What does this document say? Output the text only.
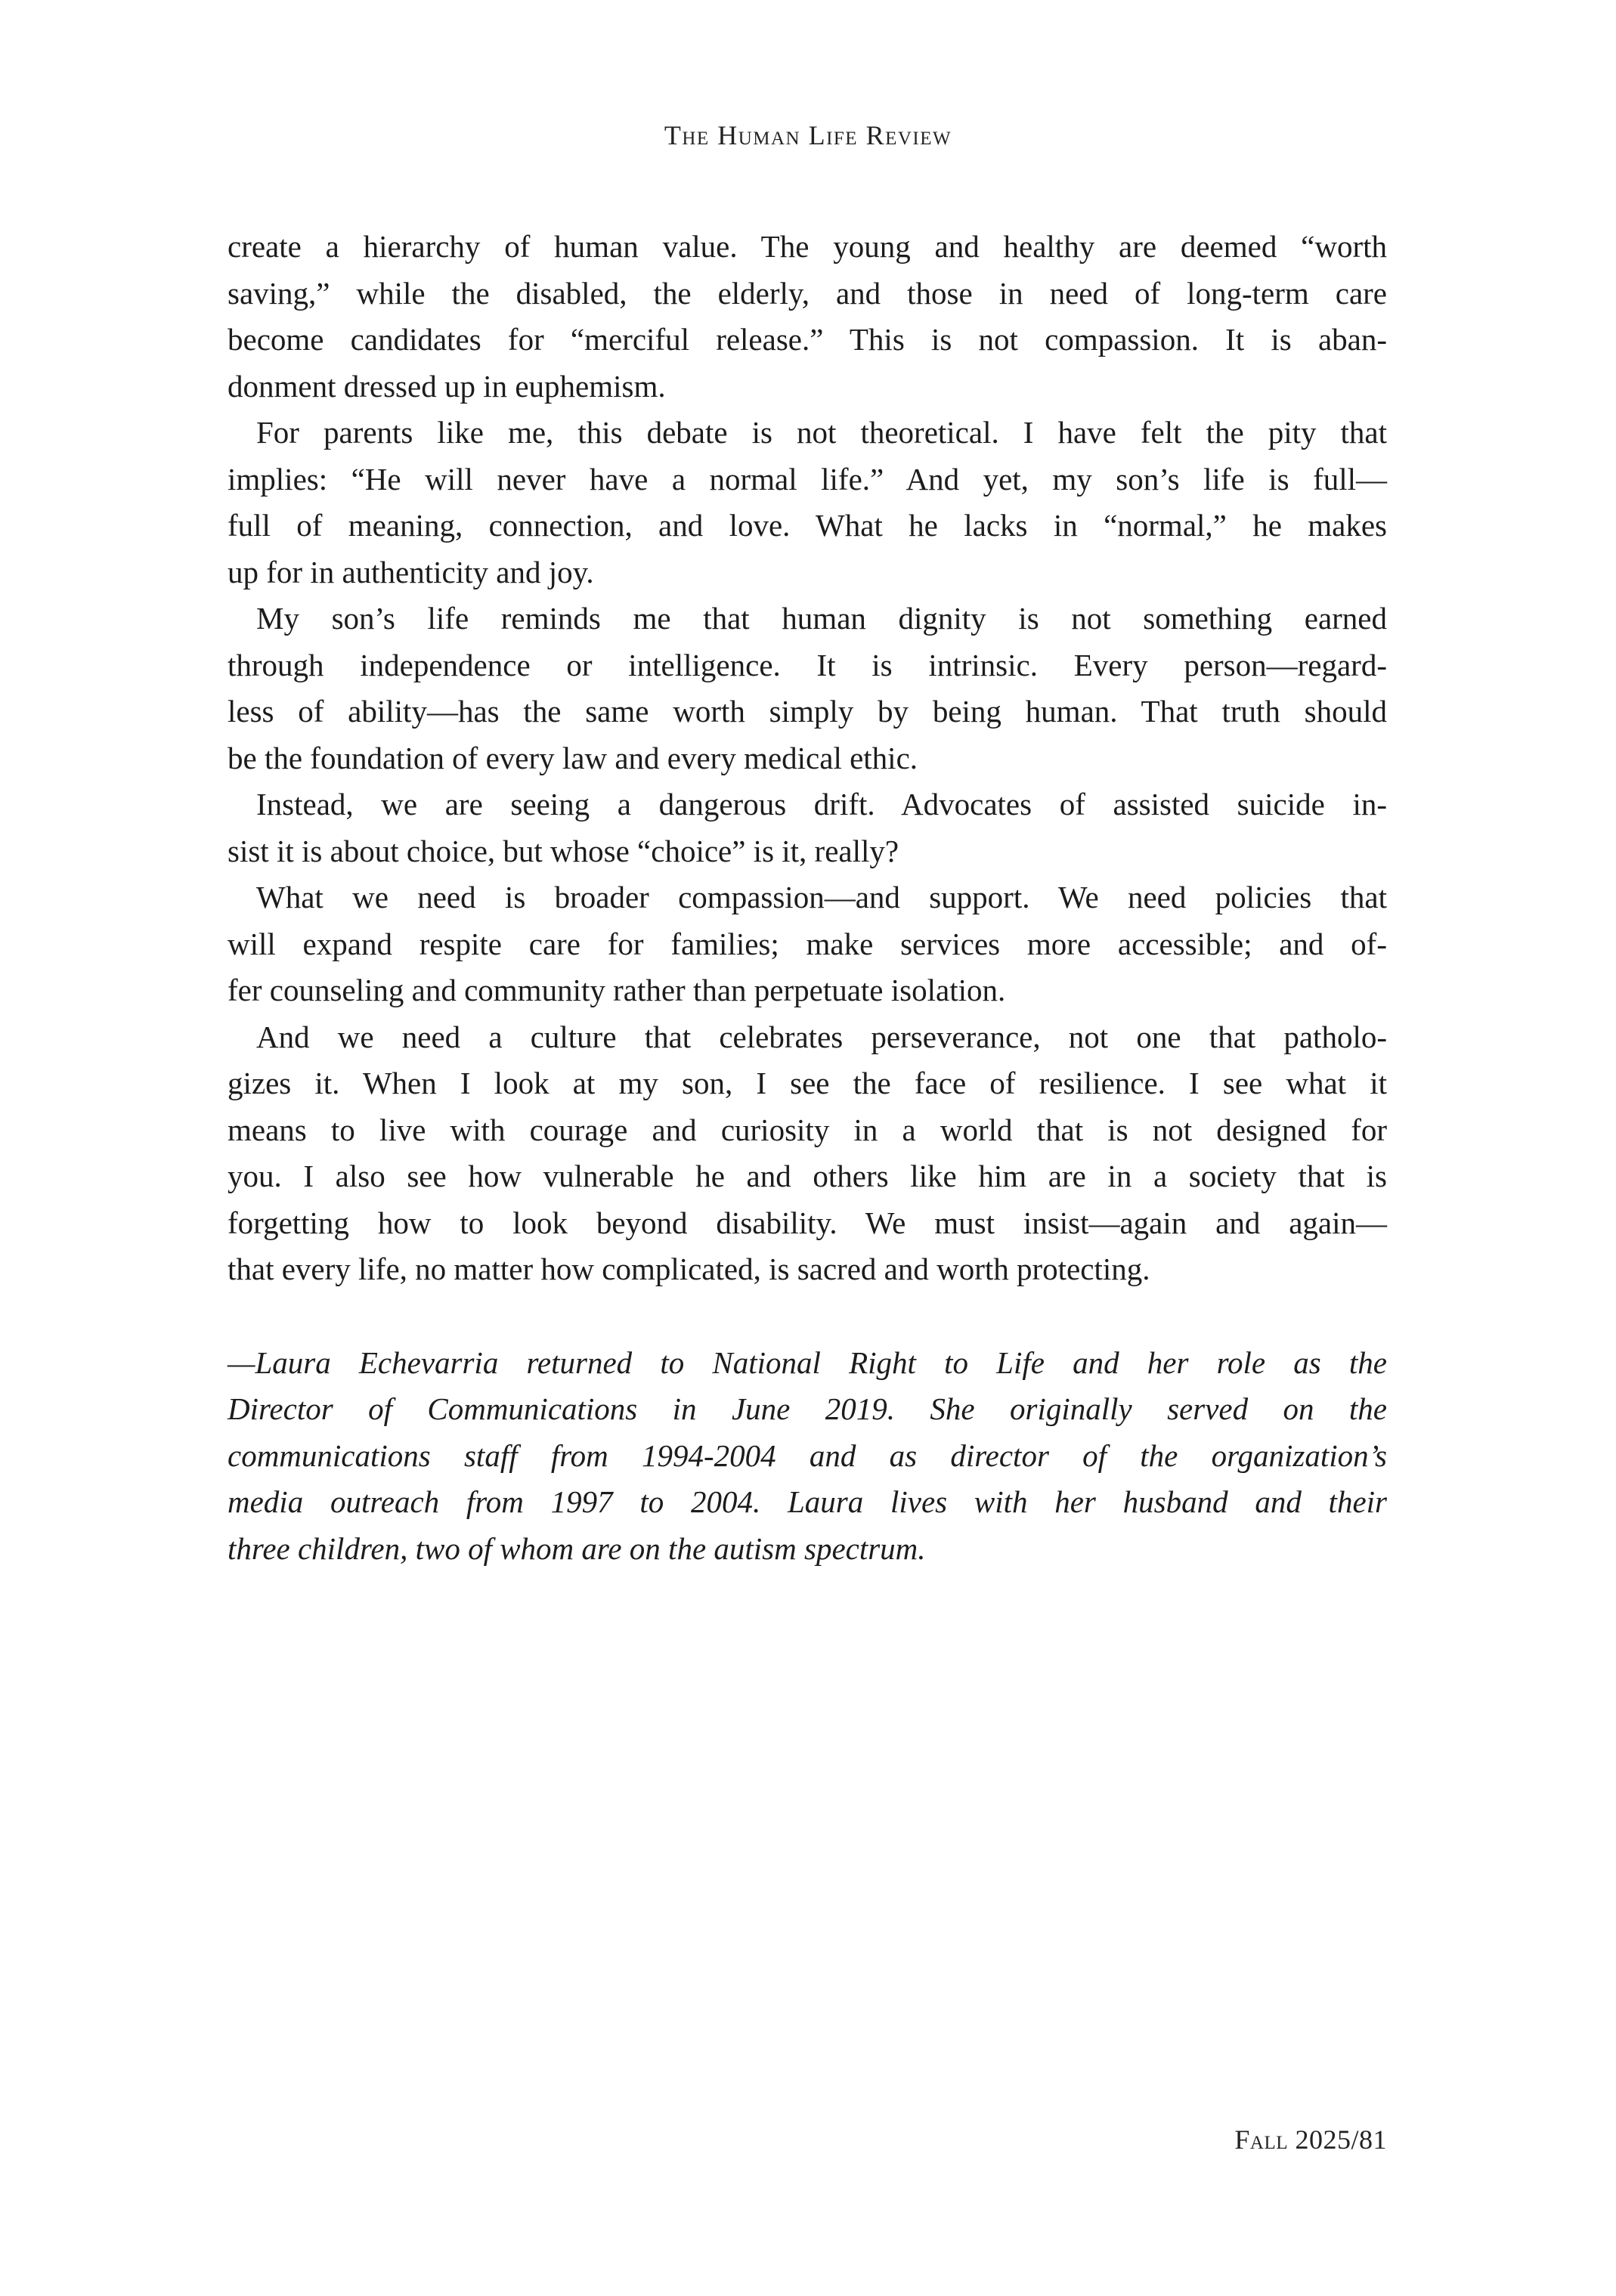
The Human Life Review
create a hierarchy of human value. The young and healthy are deemed “worth
saving,” while the disabled, the elderly, and those in need of long-term care
become candidates for “merciful release.” This is not compassion. It is aban-
donment dressed up in euphemism.
For parents like me, this debate is not theoretical. I have felt the pity that
implies: “He will never have a normal life.” And yet, my son’s life is full—
full of meaning, connection, and love. What he lacks in “normal,” he makes
up for in authenticity and joy.
My son’s life reminds me that human dignity is not something earned
through independence or intelligence. It is intrinsic. Every person—regard-
less of ability—has the same worth simply by being human. That truth should
be the foundation of every law and every medical ethic.
Instead, we are seeing a dangerous drift. Advocates of assisted suicide in-
sist it is about choice, but whose “choice” is it, really?
What we need is broader compassion—and support. We need policies that
will expand respite care for families; make services more accessible; and of-
fer counseling and community rather than perpetuate isolation.
And we need a culture that celebrates perseverance, not one that patholo-
gizes it. When I look at my son, I see the face of resilience. I see what it
means to live with courage and curiosity in a world that is not designed for
you. I also see how vulnerable he and others like him are in a society that is
forgetting how to look beyond disability. We must insist—again and again—
that every life, no matter how complicated, is sacred and worth protecting.
—Laura Echevarria returned to National Right to Life and her role as the
Director of Communications in June 2019. She originally served on the
communications staff from 1994-2004 and as director of the organization’s
media outreach from 1997 to 2004. Laura lives with her husband and their
three children, two of whom are on the autism spectrum.
Fall 2025/81
